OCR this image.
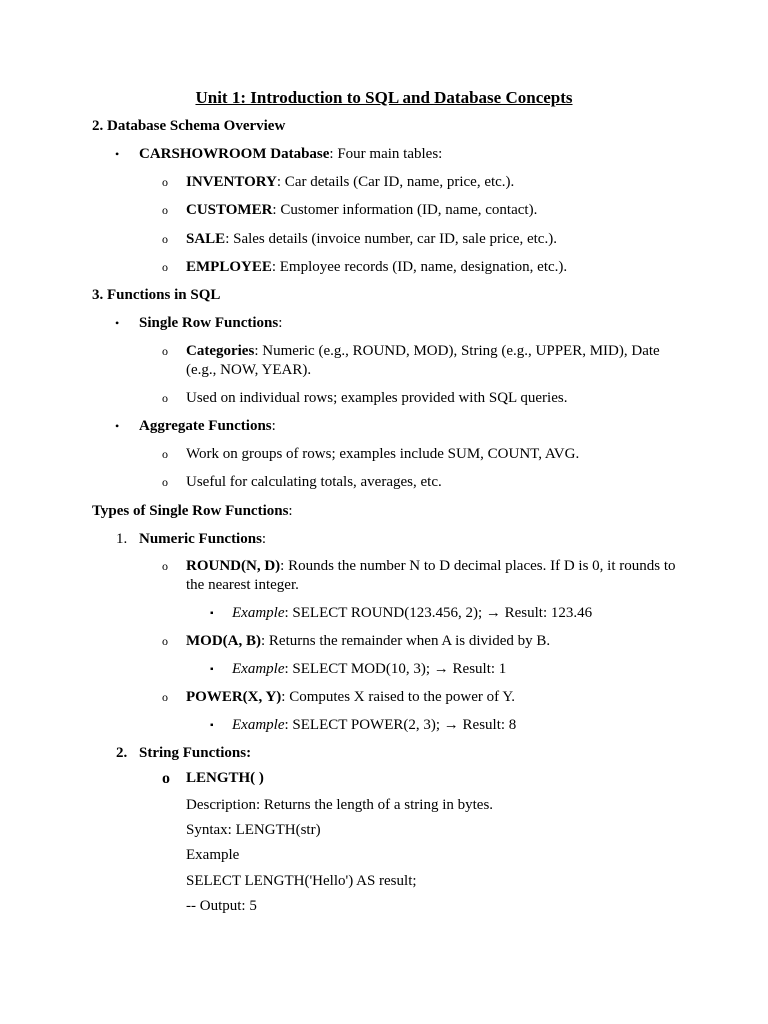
Unit 1: Introduction to SQL and Database Concepts
2. Database Schema Overview
• CARSHOWROOM Database: Four main tables:
o INVENTORY: Car details (Car ID, name, price, etc.).
o CUSTOMER: Customer information (ID, name, contact).
o SALE: Sales details (invoice number, car ID, sale price, etc.).
o EMPLOYEE: Employee records (ID, name, designation, etc.).
3. Functions in SQL
• Single Row Functions:
o Categories: Numeric (e.g., ROUND, MOD), String (e.g., UPPER, MID), Date (e.g., NOW, YEAR).
o Used on individual rows; examples provided with SQL queries.
• Aggregate Functions:
o Work on groups of rows; examples include SUM, COUNT, AVG.
o Useful for calculating totals, averages, etc.
Types of Single Row Functions:
1. Numeric Functions:
o ROUND(N, D): Rounds the number N to D decimal places. If D is 0, it rounds to the nearest integer.
▪ Example: SELECT ROUND(123.456, 2); → Result: 123.46
o MOD(A, B): Returns the remainder when A is divided by B.
▪ Example: SELECT MOD(10, 3); → Result: 1
o POWER(X, Y): Computes X raised to the power of Y.
▪ Example: SELECT POWER(2, 3); → Result: 8
2. String Functions:
o LENGTH( )
Description: Returns the length of a string in bytes.
Syntax: LENGTH(str)
Example
SELECT LENGTH('Hello') AS result;
-- Output: 5
